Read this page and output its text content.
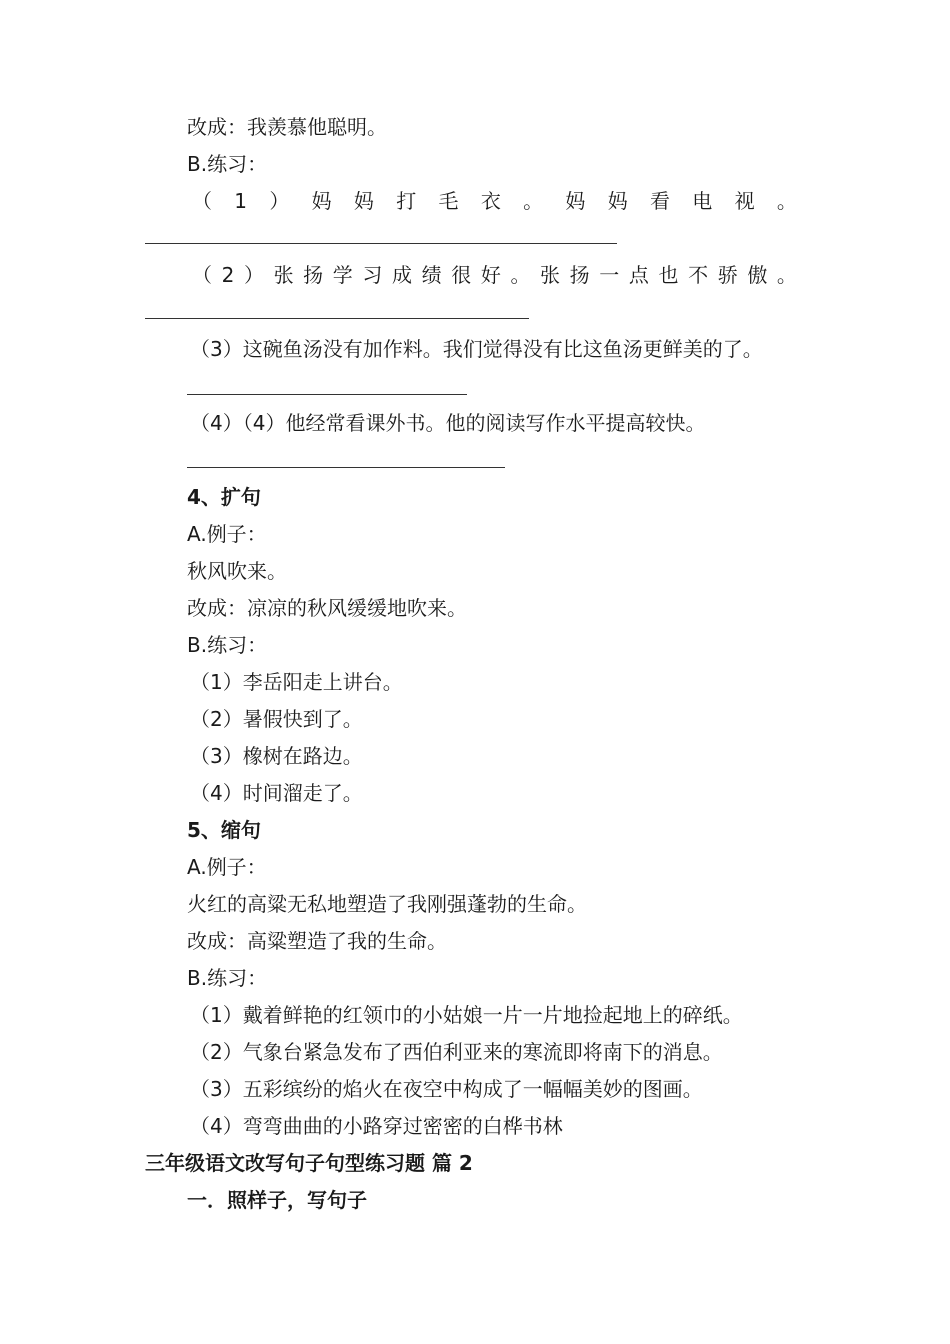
改成：我羡慕他聪明。
B.练习：
（ 1 ） 妈 妈 打 毛 衣 。 妈 妈 看 电 视 。
（ 2 ） 张 扬 学 习 成 绩 很 好 。 张 扬 一 点 也 不 骄 傲 。
（3）这碗鱼汤没有加作料。我们觉得没有比这鱼汤更鲜美的了。
（4）（4）他经常看课外书。他的阅读写作水平提高较快。
4、扩句
A.例子：
秋风吹来。
改成：凉凉的秋风缓缓地吹来。
B.练习：
（1）李岳阳走上讲台。
（2）暑假快到了。
（3）橡树在路边。
（4）时间溜走了。
5、缩句
A.例子：
火红的高粱无私地塑造了我刚强蓬勃的生命。
改成：高粱塑造了我的生命。
B.练习：
（1）戴着鲜艳的红领巾的小姑娘一片一片地捡起地上的碎纸。
（2）气象台紧急发布了西伯利亚来的寒流即将南下的消息。
（3）五彩缤纷的焰火在夜空中构成了一幅幅美妙的图画。
（4）弯弯曲曲的小路穿过密密的白桦书林
三年级语文改写句子句型练习题 篇 2
一．照样子，写句子
